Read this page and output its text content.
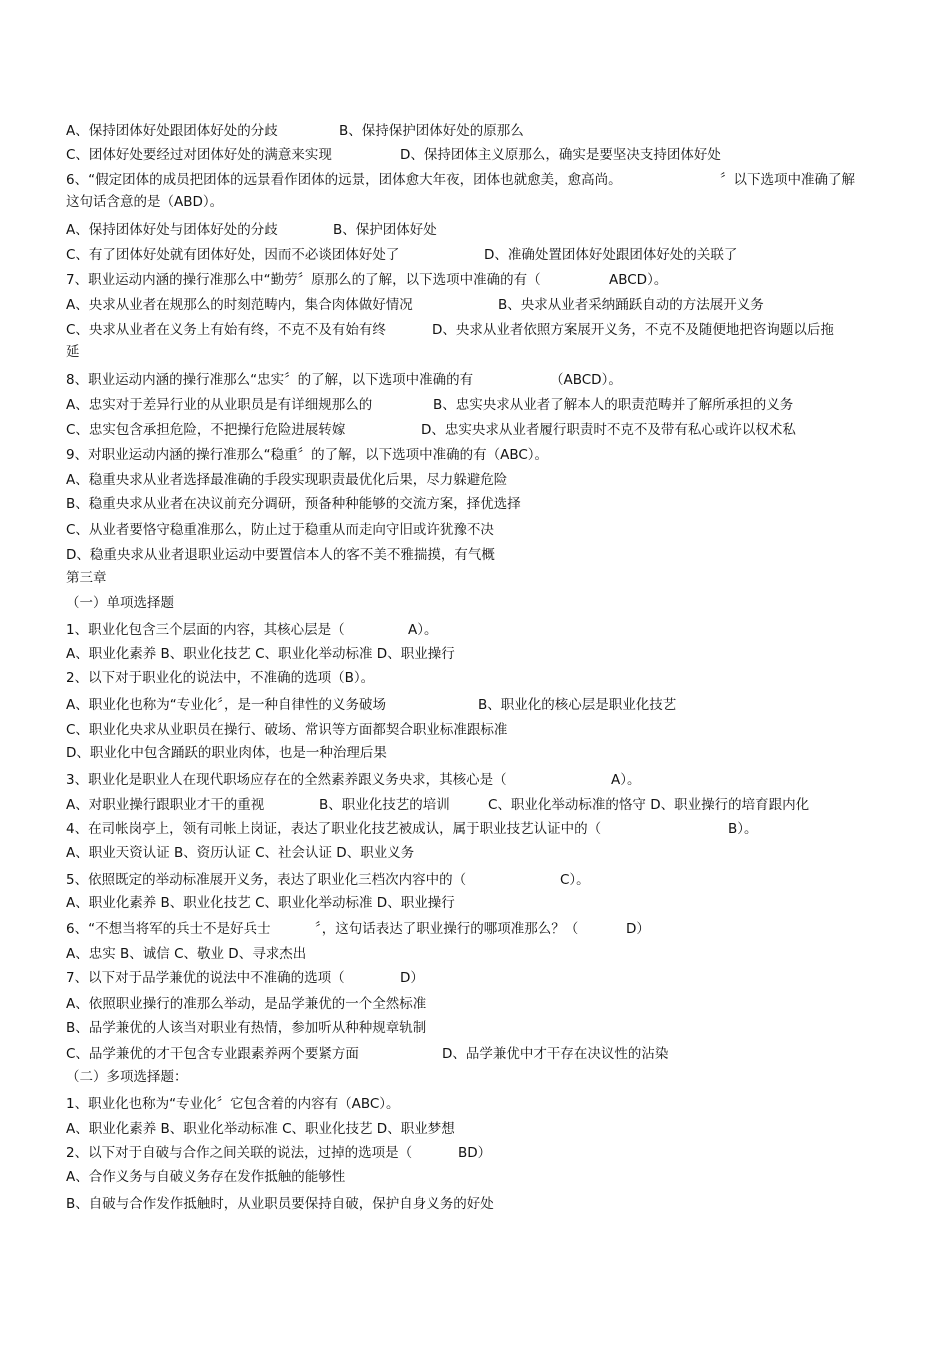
A、保持团体好处跟团体好处的分歧	B、保持保护团体好处的原那么
C、团体好处要经过对团体好处的满意来实现	D、保持团体主义原那么，确实是要坚决支持团体好处
6、“假定团体的成员把团体的远景看作团体的远景，团体愈大年夜，团体也就愈美，愈高尚。	〞以下选项中准确了解
这句话含意的是（ABD）。
A、保持团体好处与团体好处的分歧	B、保护团体好处
C、有了团体好处就有团体好处，因而不必谈团体好处了	D、准确处置团体好处跟团体好处的关联了
7、职业运动内涵的操行准那么中“勤劳〞原那么的了解，以下选项中准确的有（	ABCD）。
A、央求从业者在规那么的时刻范畴内，集合肉体做好情况	B、央求从业者采纳踊跃自动的方法展开义务
C、央求从业者在义务上有始有终，不克不及有始有终	D、央求从业者依照方案展开义务，不克不及随便地把咨询题以后拖
延
8、职业运动内涵的操行准那么“忠实〞的了解，以下选项中准确的有	（ABCD）。
A、忠实对于差异行业的从业职员是有详细规那么的	B、忠实央求从业者了解本人的职责范畴并了解所承担的义务
C、忠实包含承担危险，不把操行危险进展转嫁	D、忠实央求从业者履行职责时不克不及带有私心或许以权术私
9、对职业运动内涵的操行准那么“稳重〞的了解，以下选项中准确的有（ABC）。
A、稳重央求从业者选择最准确的手段实现职责最优化后果，尽力躲避危险
B、稳重央求从业者在决议前充分调研，预备种种能够的交流方案，择优选择
C、从业者要恪守稳重准那么，防止过于稳重从而走向守旧或许犹豫不决
D、稳重央求从业者退职业运动中要置信本人的客不美不雅揣摸，有气概
第三章
（一）单项选择题
1、职业化包含三个层面的内容，其核心层是（	A）。
A、职业化素养 B、职业化技艺 C、职业化举动标准 D、职业操行
2、以下对于职业化的说法中，不准确的选项（B）。
A、职业化也称为“专业化〞，是一种自律性的义务破场	B、职业化的核心层是职业化技艺
C、职业化央求从业职员在操行、破场、常识等方面都契合职业标准跟标准
D、职业化中包含踊跃的职业肉体，也是一种治理后果
3、职业化是职业人在现代职场应存在的全然素养跟义务央求，其核心是（	A）。
A、对职业操行跟职业才干的重视	B、职业化技艺的培训	C、职业化举动标准的恪守 D、职业操行的培育跟内化
4、在司帐岗亭上，领有司帐上岗证，表达了职业化技艺被成认，属于职业技艺认证中的（	B）。
A、职业天资认证 B、资历认证 C、社会认证 D、职业义务
5、依照既定的举动标准展开义务，表达了职业化三档次内容中的（	C）。
A、职业化素养 B、职业化技艺 C、职业化举动标准 D、职业操行
6、“不想当将军的兵士不是好兵士	〞，这句话表达了职业操行的哪项准那么？（	D）
A、忠实 B、诚信 C、敬业 D、寻求杰出
7、以下对于品学兼优的说法中不准确的选项（	D）
A、依照职业操行的准那么举动，是品学兼优的一个全然标准
B、品学兼优的人该当对职业有热情，参加听从种种规章轨制
C、品学兼优的才干包含专业跟素养两个要紧方面	D、品学兼优中才干存在决议性的沾染
（二）多项选择题：
1、职业化也称为“专业化〞它包含着的内容有（ABC）。
A、职业化素养 B、职业化举动标准 C、职业化技艺 D、职业梦想
2、以下对于自破与合作之间关联的说法，过掉的选项是（	BD）
A、合作义务与自破义务存在发作抵触的能够性
B、自破与合作发作抵触时，从业职员要保持自破，保护自身义务的好处
